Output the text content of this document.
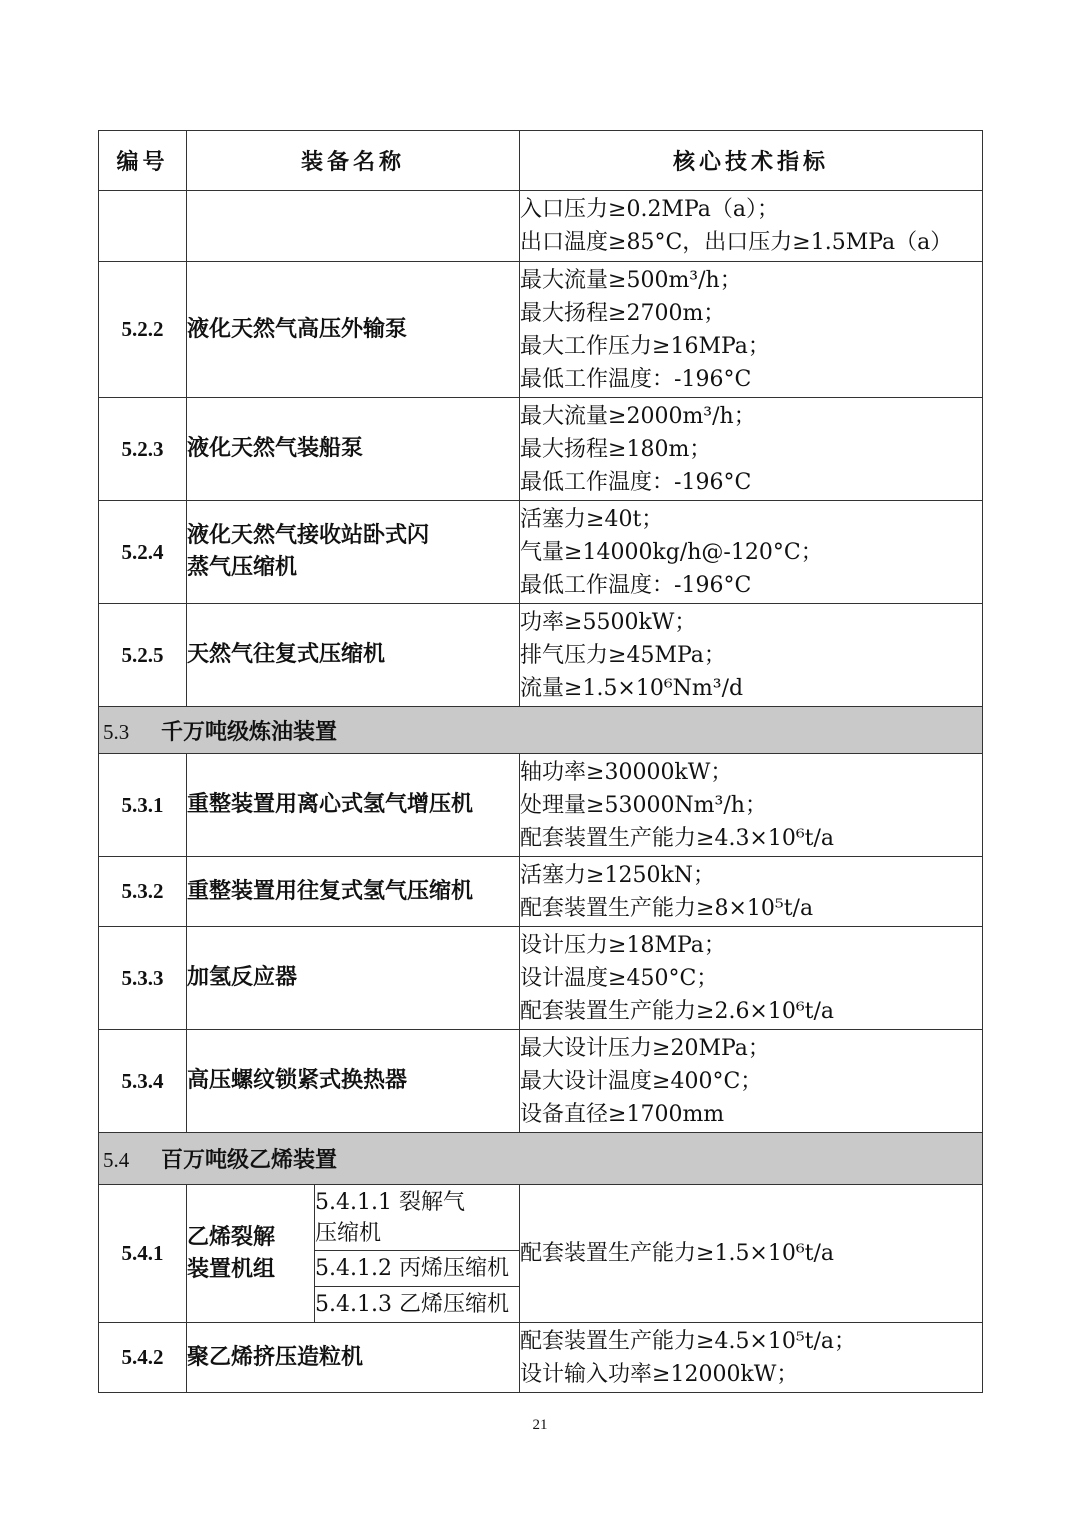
编号	装备名称		核心技术指标

			入口压力≥0.2MPa（a）；
出口温度≥85°C，出口压力≥1.5MPa（a）

5.2.2	液化天然气高压外输泵		最大流量≥500m³/h；
最大扬程≥2700m；
最大工作压力≥16MPa；
最低工作温度：-196°C

5.2.3	液化天然气装船泵		最大流量≥2000m³/h；
最大扬程≥180m；
最低工作温度：-196°C

5.2.4	液化天然气接收站卧式闪蒸气压缩机		活塞力≥40t；
气量≥14000kg/h@-120°C；
最低工作温度：-196°C

5.2.5	天然气往复式压缩机		功率≥5500kW；
排气压力≥45MPa；
流量≥1.5×10⁶Nm³/d

5.3 千万吨级炼油装置			
5.3.1	重整装置用离心式氢气增压机		轴功率≥30000kW；
处理量≥53000Nm³/h；
配套装置生产能力≥4.3×10⁶t/a

5.3.2	重整装置用往复式氢气压缩机		活塞力≥1250kN；
配套装置生产能力≥8×10⁵t/a

5.3.3	加氢反应器		设计压力≥18MPa；
设计温度≥450°C；
配套装置生产能力≥2.6×10⁶t/a

5.3.4	高压螺纹锁紧式换热器		最大设计压力≥20MPa；
最大设计温度≥400°C；
设备直径≥1700mm

5.4 百万吨级乙烯装置			
5.4.1	乙烯裂解装置机组	5.4.1.1 裂解气压缩机	配套装置生产能力≥1.5×10⁶t/a

		5.4.1.2 丙烯压缩机	
		5.4.1.3 乙烯压缩机	
5.4.2	聚乙烯挤压造粒机		配套装置生产能力≥4.5×10⁵t/a；
设计输入功率≥12000kW；
21
